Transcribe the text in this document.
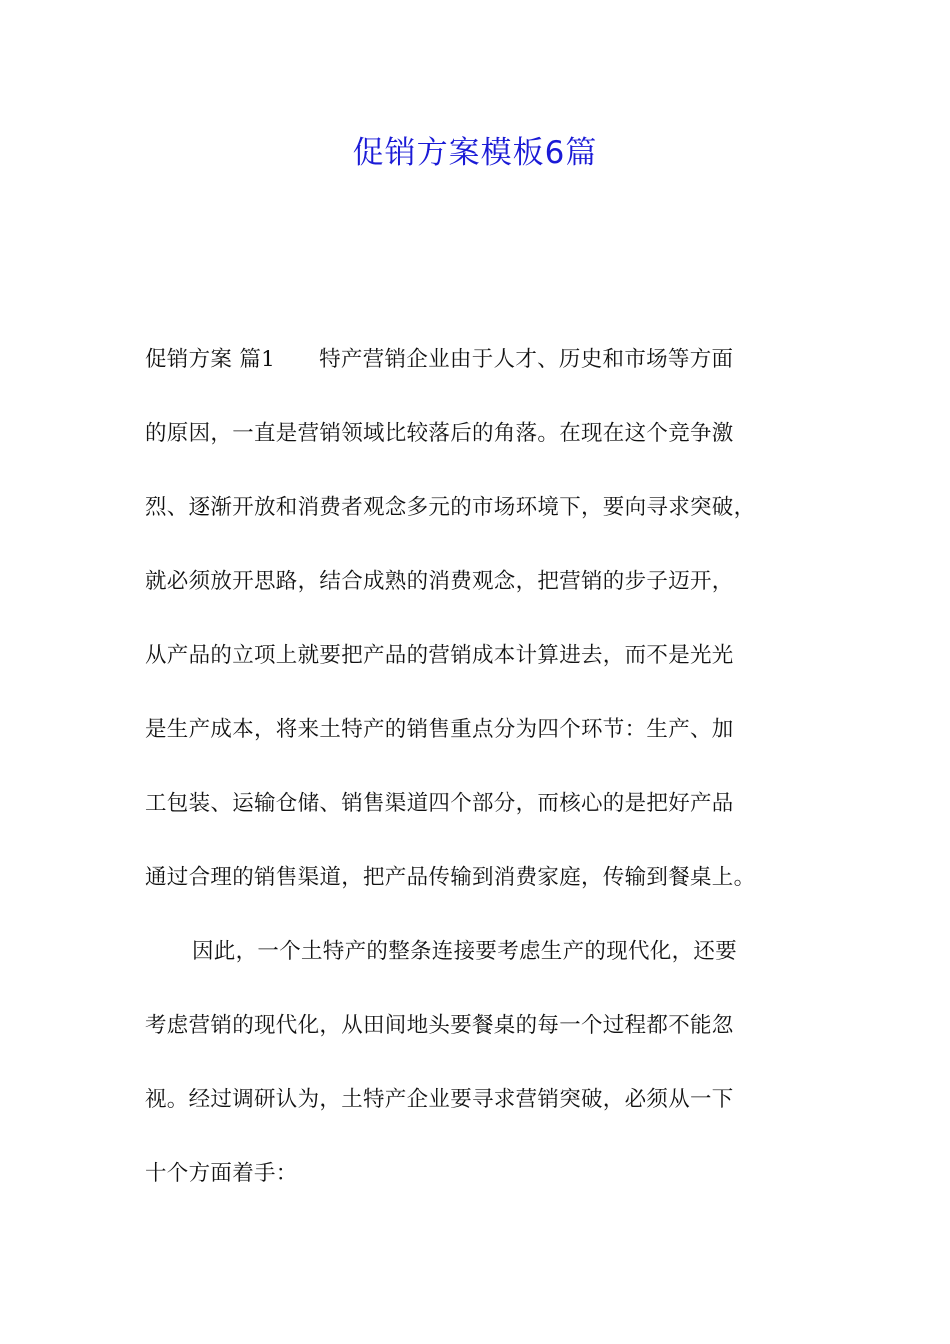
促销方案模板6篇
促销方案 篇1 特产营销企业由于人才、历史和市场等方面
的原因，一直是营销领域比较落后的角落。在现在这个竞争激
烈、逐渐开放和消费者观念多元的市场环境下，要向寻求突破，
就必须放开思路，结合成熟的消费观念，把营销的步子迈开，
从产品的立项上就要把产品的营销成本计算进去，而不是光光
是生产成本，将来土特产的销售重点分为四个环节：生产、加
工包装、运输仓储、销售渠道四个部分，而核心的是把好产品
通过合理的销售渠道，把产品传输到消费家庭，传输到餐桌上。
因此，一个土特产的整条连接要考虑生产的现代化，还要
考虑营销的现代化，从田间地头要餐桌的每一个过程都不能忽
视。经过调研认为，土特产企业要寻求营销突破，必须从一下
十个方面着手：
